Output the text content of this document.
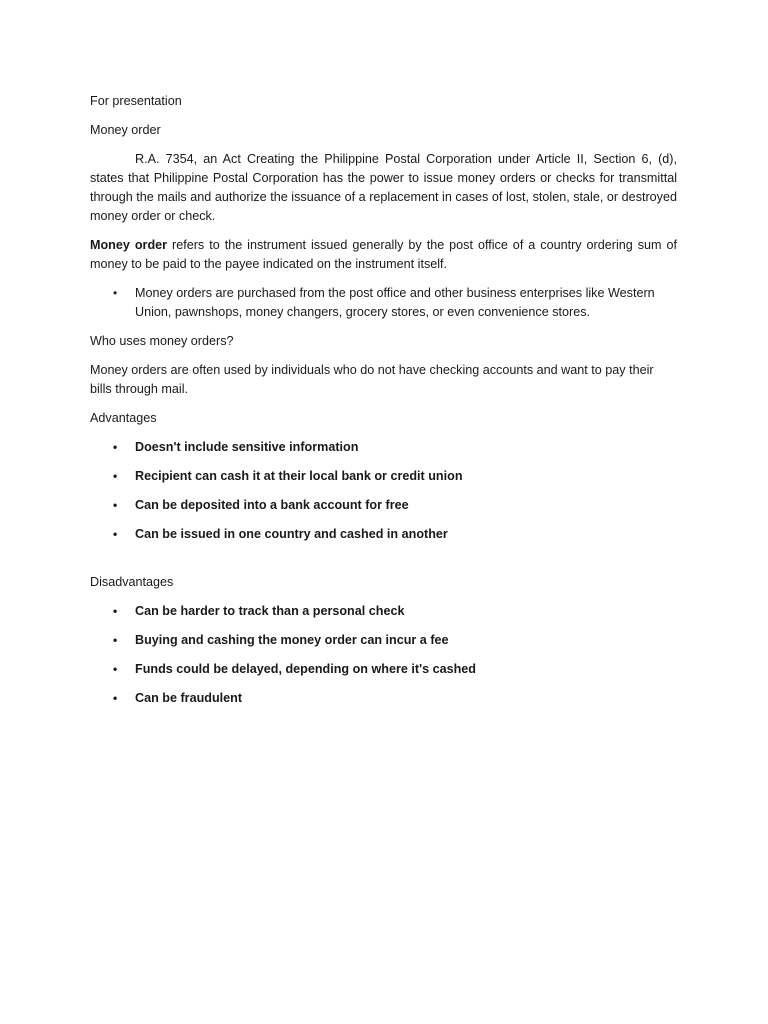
For presentation

Money order

R.A. 7354, an Act Creating the Philippine Postal Corporation under Article II, Section 6, (d), states that Philippine Postal Corporation has the power to issue money orders or checks for transmittal through the mails and authorize the issuance of a replacement in cases of lost, stolen, stale, or destroyed money order or check.

Money order refers to the instrument issued generally by the post office of a country ordering sum of money to be paid to the payee indicated on the instrument itself.

• Money orders are purchased from the post office and other business enterprises like Western Union, pawnshops, money changers, grocery stores, or even convenience stores.

Who uses money orders?

Money orders are often used by individuals who do not have checking accounts and want to pay their bills through mail.

Advantages

• Doesn't include sensitive information
• Recipient can cash it at their local bank or credit union
• Can be deposited into a bank account for free
• Can be issued in one country and cashed in another

Disadvantages

• Can be harder to track than a personal check
• Buying and cashing the money order can incur a fee
• Funds could be delayed, depending on where it's cashed
• Can be fraudulent
